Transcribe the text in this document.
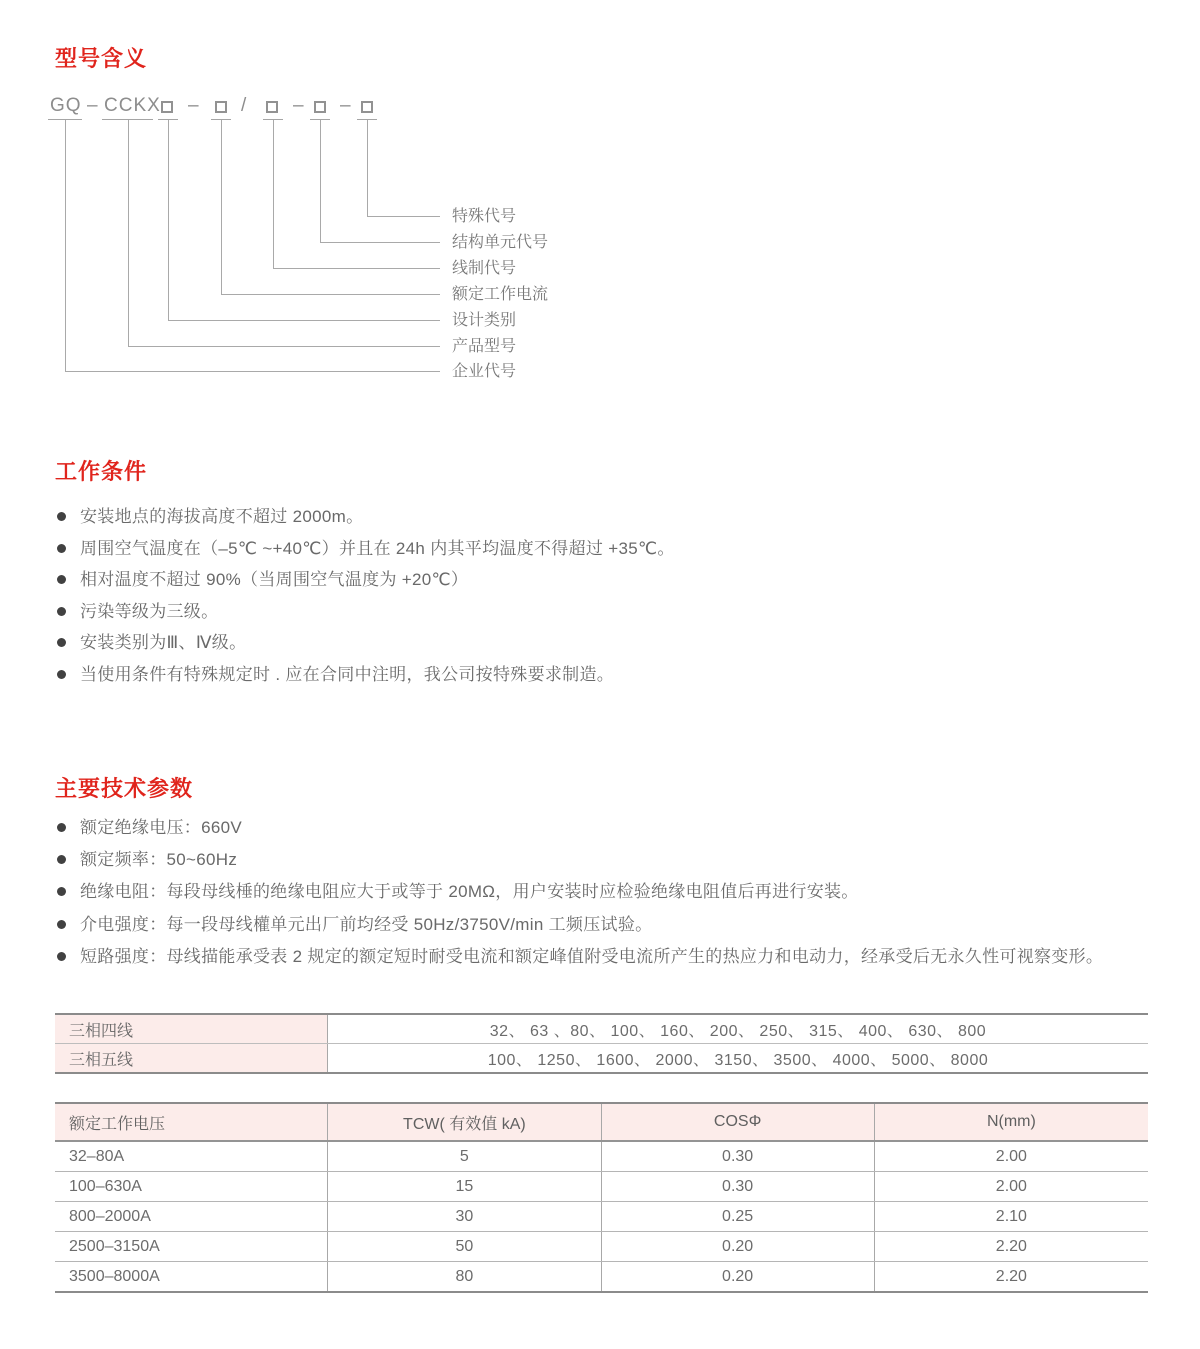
型号含义
GQ – CCKX – / – –
特殊代号
结构单元代号
线制代号
额定工作电流
设计类别
产品型号
企业代号
工作条件
安装地点的海拔高度不超过 2000m。
周围空气温度在（–5℃ ~+40℃）并且在 24h 内其平均温度不得超过 +35℃。
相对温度不超过 90%（当周围空气温度为 +20℃）
污染等级为三级。
安装类别为Ⅲ、Ⅳ级。
当使用条件有特殊规定时 . 应在合同中注明，我公司按特殊要求制造。
主要技术参数
额定绝缘电压：660V
额定频率：50~60Hz
绝缘电阻：每段母线棰的绝缘电阻应大于或等于 20MΩ，用户安装时应检验绝缘电阻值后再进行安装。
介电强度：每一段母线權单元出厂前均经受 50Hz/3750V/min 工频压试验。
短路强度：母线描能承受表 2 规定的额定短时耐受电流和额定峰值附受电流所产生的热应力和电动力，经承受后无永久性可视察变形。
三相四线	32、 63 、80、 100、 160、 200、 250、 315、 400、 630、 800
三相五线	100、 1250、 1600、 2000、 3150、 3500、 4000、 5000、 8000
额定工作电压	TCW( 有效值 kA)	COSΦ	N(mm)
32–80A	5	0.30	2.00
100–630A	15	0.30	2.00
800–2000A	30	0.25	2.10
2500–3150A	50	0.20	2.20
3500–8000A	80	0.20	2.20
